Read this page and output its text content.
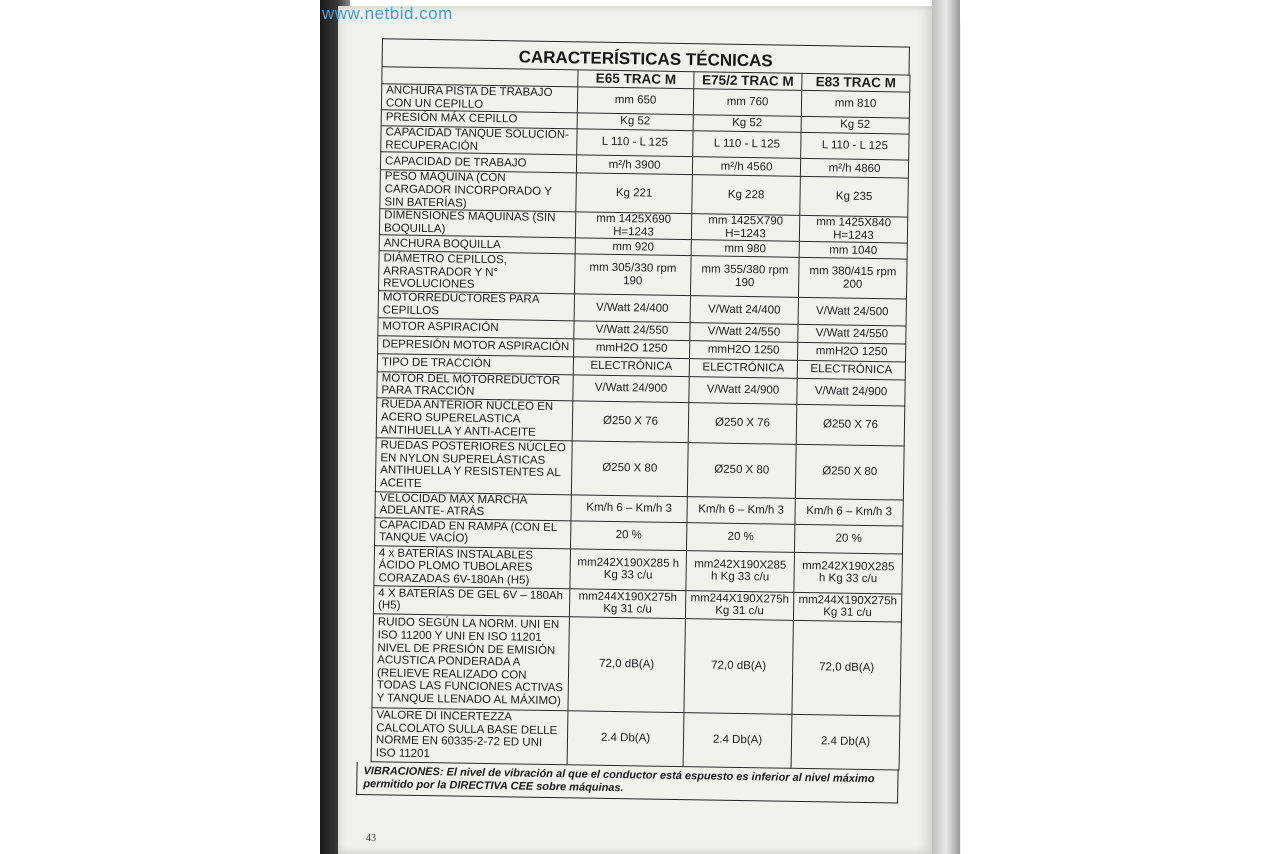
www.netbid.com
CARACTERÍSTICAS TÉCNICAS
	E65 TRAC M	E75/2 TRAC M	E83 TRAC M
ANCHURA PISTA DE TRABAJO CON UN CEPILLO	mm 650	mm 760	mm 810
PRESIÓN MÁX CEPILLO	Kg 52	Kg 52	Kg 52
CAPACIDAD TANQUE SOLUCIÓN-RECUPERACIÓN	L 110 - L 125	L 110 - L 125	L 110 - L 125
CAPACIDAD DE TRABAJO	m²/h 3900	m²/h 4560	m²/h 4860
PESO MÁQUINA (CON CARGADOR INCORPORADO Y SIN BATERÍAS)	Kg 221	Kg 228	Kg 235
DIMENSIONES MÁQUINAS (SIN BOQUILLA)	mm 1425X690 H=1243	mm 1425X790 H=1243	mm 1425X840 H=1243
ANCHURA BOQUILLA	mm 920	mm 980	mm 1040
DIÁMETRO CEPILLOS, ARRASTRADOR Y N° REVOLUCIONES	mm 305/330 rpm 190	mm 355/380 rpm 190	mm 380/415 rpm 200
MOTORREDUCTORES PARA CEPILLOS	V/Watt 24/400	V/Watt 24/400	V/Watt 24/500
MOTOR ASPIRACIÓN	V/Watt 24/550	V/Watt 24/550	V/Watt 24/550
DEPRESIÓN MOTOR ASPIRACIÓN	mmH2O 1250	mmH2O 1250	mmH2O 1250
TIPO DE TRACCIÓN	ELECTRÓNICA	ELECTRÓNICA	ELECTRÓNICA
MOTOR DEL MOTORREDUCTOR PARA TRACCIÓN	V/Watt 24/900	V/Watt 24/900	V/Watt 24/900
RUEDA ANTERIOR NÚCLEO EN ACERO SUPERELASTICA ANTIHUELLA Y ANTI-ACEITE	Ø250 X 76	Ø250 X 76	Ø250 X 76
RUEDAS POSTERIORES NÚCLEO EN NYLON SUPERELÁSTICAS ANTIHUELLA Y RESISTENTES AL ACEITE	Ø250 X 80	Ø250 X 80	Ø250 X 80
VELOCIDAD MÁX MARCHA ADELANTE- ATRÁS	Km/h 6 – Km/h 3	Km/h 6 – Km/h 3	Km/h 6 – Km/h 3
CAPACIDAD EN RAMPA (CON EL TANQUE VACÍO)	20 %	20 %	20 %
4 x BATERÍAS INSTALABLES ÁCIDO PLOMO TUBOLARES CORAZADAS 6V-180Ah (H5)	mm242X190X285 h Kg 33 c/u	mm242X190X285 h Kg 33 c/u	mm242X190X285 h Kg 33 c/u
4 X BATERÍAS DE GEL 6V – 180Ah (H5)	mm244X190X275h Kg 31 c/u	mm244X190X275h Kg 31 c/u	mm244X190X275h Kg 31 c/u
RUIDO SEGÚN LA NORM. UNI EN ISO 11200 Y UNI EN ISO 11201 NIVEL DE PRESIÓN DE EMISIÓN ACUSTICA PONDERADA A (RELIEVE REALIZADO CON TODAS LAS FUNCIONES ACTIVAS Y TANQUE LLENADO AL MÁXIMO)	72,0 dB(A)	72,0 dB(A)	72,0 dB(A)
VALORE DI INCERTEZZA CALCOLATO SULLA BASE DELLE NORME EN 60335-2-72 ED UNI ISO 11201	2.4 Db(A)	2.4 Db(A)	2.4 Db(A)
VIBRACIONES: El nivel de vibración al que el conductor está espuesto es inferior al nivel máximo permitido por la DIRECTIVA CEE sobre máquinas.
43
